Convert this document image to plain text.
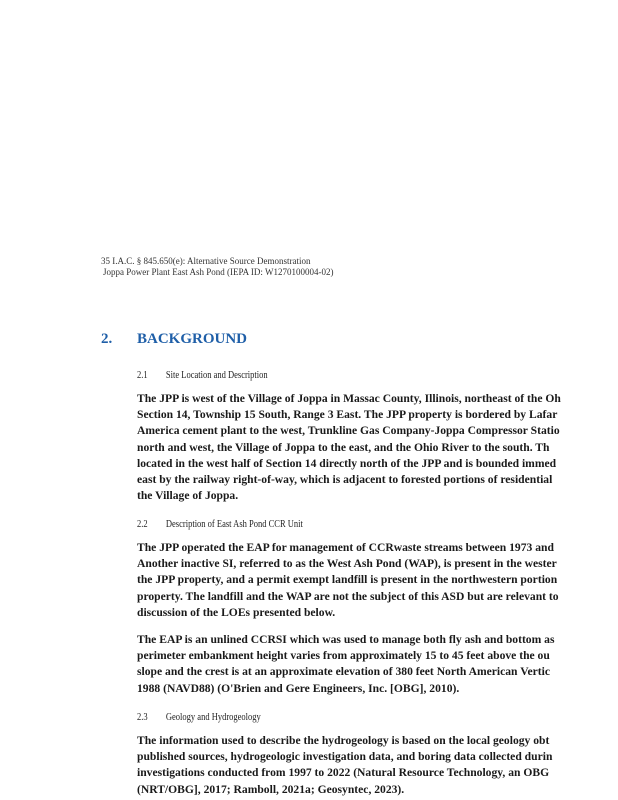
35 I.A.C. § 845.650(e): Alternative Source Demonstration
Joppa Power Plant East Ash Pond (IEPA ID: W1270100004-02)
2. BACKGROUND
2.1 Site Location and Description
The JPP is west of the Village of Joppa in Massac County, Illinois, northeast of the Oh
Section 14, Township 15 South, Range 3 East. The JPP property is bordered by Lafar
America cement plant to the west, Trunkline Gas Company-Joppa Compressor Statio
north and west, the Village of Joppa to the east, and the Ohio River to the south. Th
located in the west half of Section 14 directly north of the JPP and is bounded immed
east by the railway right-of-way, which is adjacent to forested portions of residential
the Village of Joppa.
2.2 Description of East Ash Pond CCR Unit
The JPP operated the EAP for management of CCRwaste streams between 1973 and
Another inactive SI, referred to as the West Ash Pond (WAP), is present in the wester
the JPP property, and a permit exempt landfill is present in the northwestern portion
property. The landfill and the WAP are not the subject of this ASD but are relevant to
discussion of the LOEs presented below.
The EAP is an unlined CCRSI which was used to manage both fly ash and bottom as
perimeter embankment height varies from approximately 15 to 45 feet above the ou
slope and the crest is at an approximate elevation of 380 feet North American Vertic
1988 (NAVD88) (O'Brien and Gere Engineers, Inc. [OBG], 2010).
2.3 Geology and Hydrogeology
The information used to describe the hydrogeology is based on the local geology obt
published sources, hydrogeologic investigation data, and boring data collected durin
investigations conducted from 1997 to 2022 (Natural Resource Technology, an OBG
(NRT/OBG], 2017; Ramboll, 2021a; Geosyntec, 2023).
